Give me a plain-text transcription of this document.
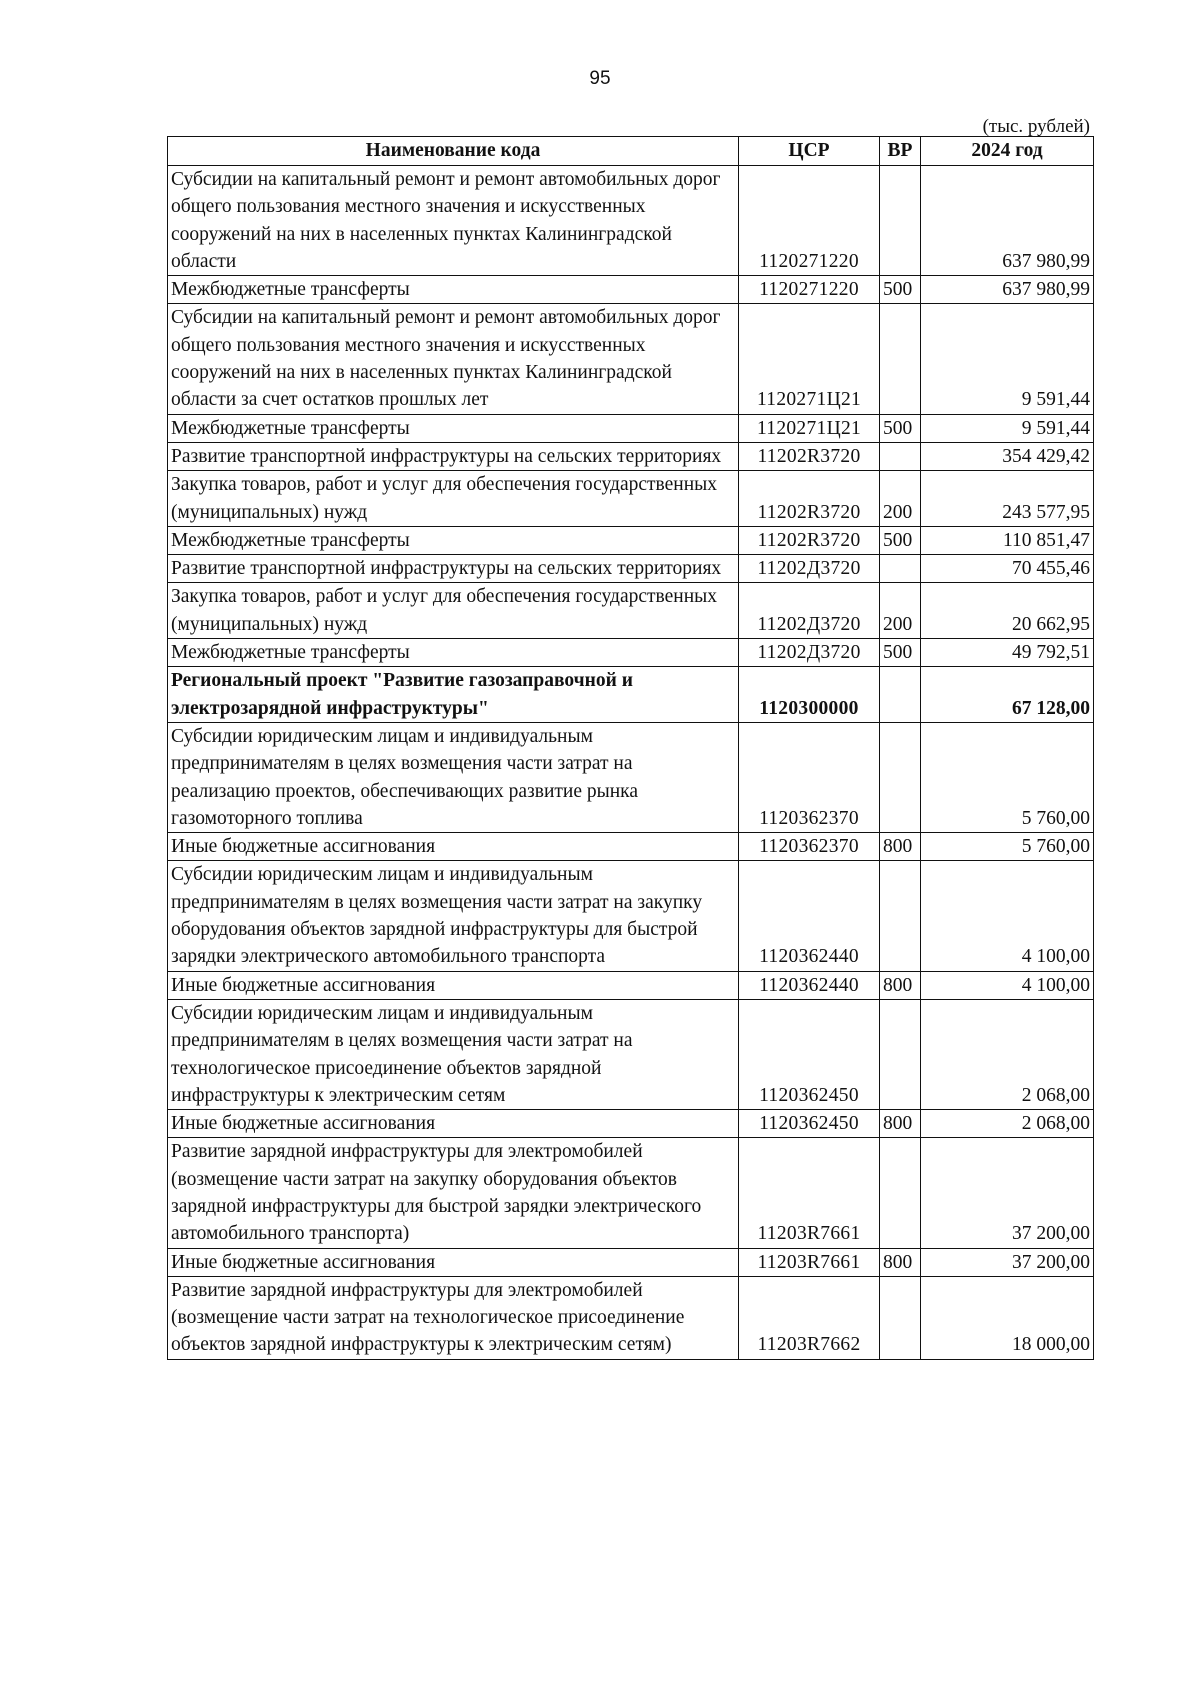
95
(тыс. рублей)
Наименование кода	ЦСР	ВР	2024 год
Субсидии на капитальный ремонт и ремонт автомобильных дорог общего пользования местного значения и искусственных сооружений на них в населенных пунктах Калининградской области	1120271220		637 980,99
Межбюджетные трансферты	1120271220	500	637 980,99
Субсидии на капитальный ремонт и ремонт автомобильных дорог общего пользования местного значения и искусственных сооружений на них в населенных пунктах Калининградской области за счет остатков прошлых лет	1120271Ц21		9 591,44
Межбюджетные трансферты	1120271Ц21	500	9 591,44
Развитие транспортной инфраструктуры на сельских территориях	11202R3720		354 429,42
Закупка товаров, работ и услуг для обеспечения государственных (муниципальных) нужд	11202R3720	200	243 577,95
Межбюджетные трансферты	11202R3720	500	110 851,47
Развитие транспортной инфраструктуры на сельских территориях	11202Д3720		70 455,46
Закупка товаров, работ и услуг для обеспечения государственных (муниципальных) нужд	11202Д3720	200	20 662,95
Межбюджетные трансферты	11202Д3720	500	49 792,51
Региональный проект "Развитие газозаправочной и электрозарядной инфраструктуры"	1120300000		67 128,00
Субсидии юридическим лицам и индивидуальным предпринимателям в целях возмещения части затрат на реализацию проектов, обеспечивающих развитие рынка газомоторного топлива	1120362370		5 760,00
Иные бюджетные ассигнования	1120362370	800	5 760,00
Субсидии юридическим лицам и индивидуальным предпринимателям в целях возмещения части затрат на закупку оборудования объектов зарядной инфраструктуры для быстрой зарядки электрического автомобильного транспорта	1120362440		4 100,00
Иные бюджетные ассигнования	1120362440	800	4 100,00
Субсидии юридическим лицам и индивидуальным предпринимателям в целях возмещения части затрат на технологическое присоединение объектов зарядной инфраструктуры к электрическим сетям	1120362450		2 068,00
Иные бюджетные ассигнования	1120362450	800	2 068,00
Развитие зарядной инфраструктуры для электромобилей (возмещение части затрат на закупку оборудования объектов зарядной инфраструктуры для быстрой зарядки электрического автомобильного транспорта)	11203R7661		37 200,00
Иные бюджетные ассигнования	11203R7661	800	37 200,00
Развитие зарядной инфраструктуры для электромобилей (возмещение части затрат на технологическое присоединение объектов зарядной инфраструктуры к электрическим сетям)	11203R7662		18 000,00
